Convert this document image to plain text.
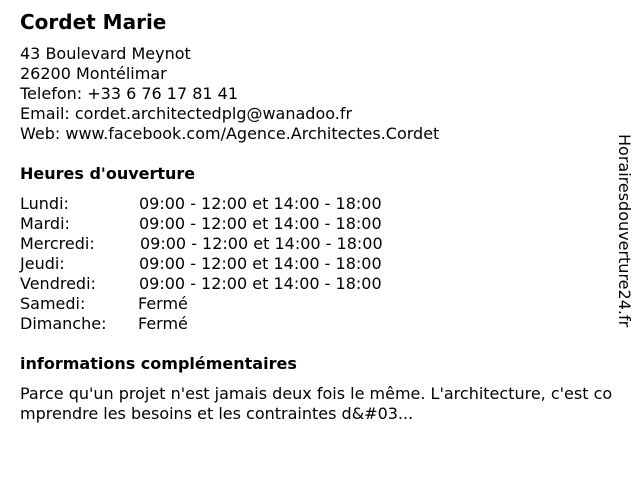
Cordet Marie
43 Boulevard Meynot
26200 Montélimar
Telefon: +33 6 76 17 81 41
Email: cordet.architectedplg@wanadoo.fr
Web: www.facebook.com/Agence.Architectes.Cordet
Heures d'ouverture
Lundi:	09:00 - 12:00 et 14:00 - 18:00
Mardi:	09:00 - 12:00 et 14:00 - 18:00
Mercredi:	09:00 - 12:00 et 14:00 - 18:00
Jeudi:	09:00 - 12:00 et 14:00 - 18:00
Vendredi:	09:00 - 12:00 et 14:00 - 18:00
Samedi:	Fermé
Dimanche: Fermé
informations complémentaires
Parce qu'un projet n'est jamais deux fois le même. L'architecture, c'est comprendre les besoins et les contraintes d&#03...
Horairesdouverture24.fr
